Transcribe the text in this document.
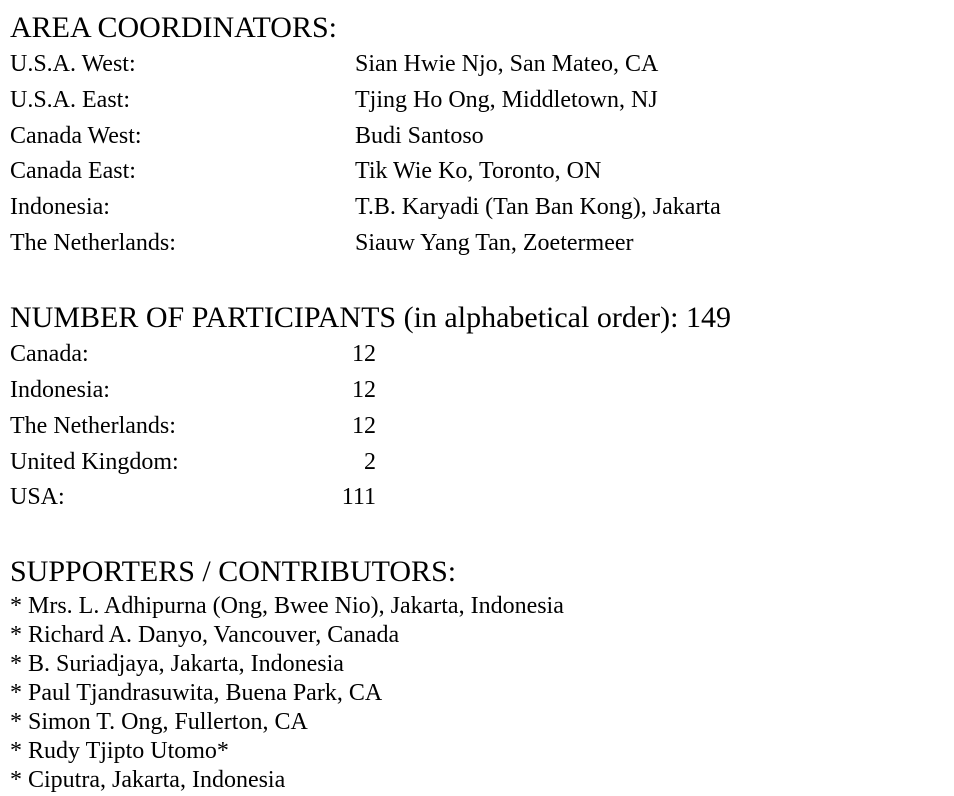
AREA COORDINATORS:
U.S.A. West:	Sian Hwie Njo, San Mateo, CA
U.S.A. East:	Tjing Ho Ong, Middletown, NJ
Canada West:	Budi Santoso
Canada East:	Tik Wie Ko, Toronto, ON
Indonesia:	T.B. Karyadi (Tan Ban Kong), Jakarta
The Netherlands:	Siauw Yang Tan, Zoetermeer
NUMBER OF PARTICIPANTS (in alphabetical order): 149
Canada:	12
Indonesia:	12
The Netherlands:	12
United Kingdom:	2
USA:	111
SUPPORTERS / CONTRIBUTORS:
* Mrs. L. Adhipurna (Ong, Bwee Nio), Jakarta, Indonesia
* Richard A. Danyo, Vancouver, Canada
* B. Suriadjaya, Jakarta, Indonesia
* Paul Tjandrasuwita, Buena Park, CA
* Simon T. Ong, Fullerton, CA
* Rudy Tjipto Utomo*
* Ciputra, Jakarta, Indonesia
